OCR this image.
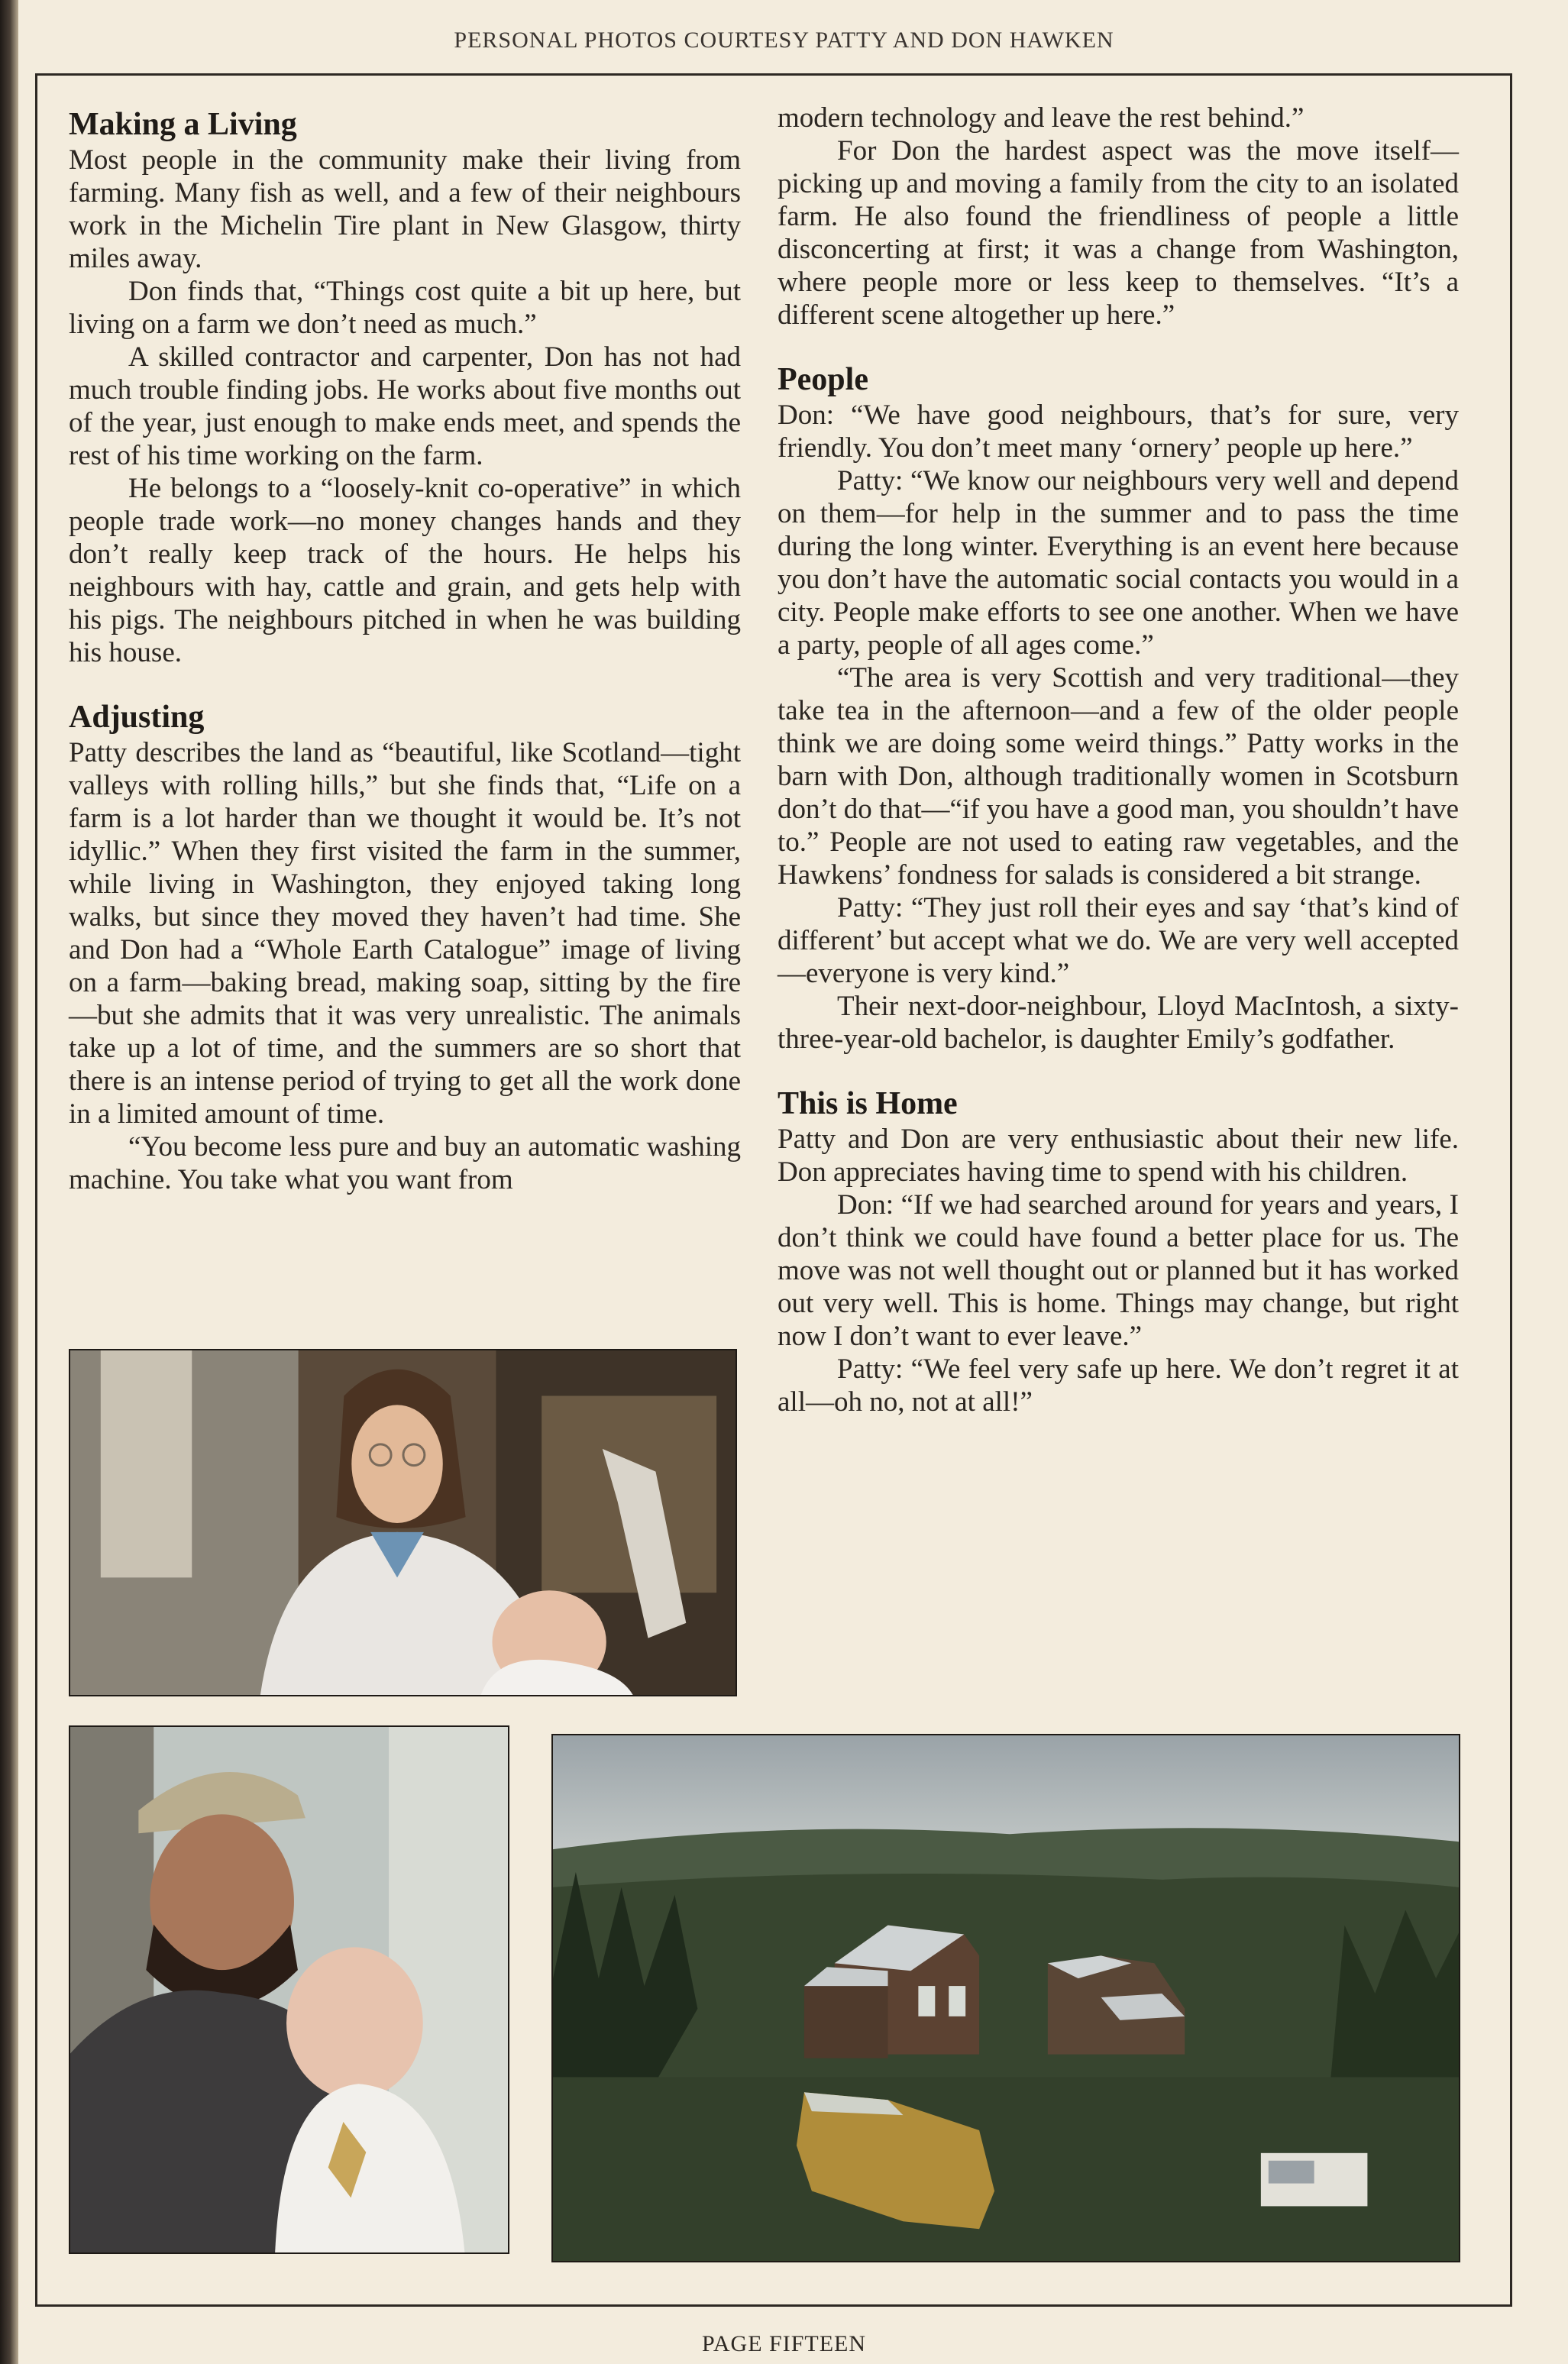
PERSONAL PHOTOS COURTESY PATTY AND DON HAWKEN
Making a Living

Most people in the community make their living from farming. Many fish as well, and a few of their neighbours work in the Michelin Tire plant in New Glasgow, thirty miles away.

Don finds that, “Things cost quite a bit up here, but living on a farm we don’t need as much.”

A skilled contractor and carpenter, Don has not had much trouble finding jobs. He works about five months out of the year, just enough to make ends meet, and spends the rest of his time working on the farm.

He belongs to a “loosely-knit co-operative” in which people trade work—no money changes hands and they don’t really keep track of the hours. He helps his neighbours with hay, cattle and grain, and gets help with his pigs. The neighbours pitched in when he was building his house.

Adjusting

Patty describes the land as “beautiful, like Scotland—tight valleys with rolling hills,” but she finds that, “Life on a farm is a lot harder than we thought it would be. It’s not idyllic.” When they first visited the farm in the summer, while living in Washington, they enjoyed taking long walks, but since they moved they haven’t had time. She and Don had a “Whole Earth Catalogue” image of living on a farm—baking bread, making soap, sitting by the fire—but she admits that it was very unrealistic. The animals take up a lot of time, and the summers are so short that there is an intense period of trying to get all the work done in a limited amount of time.

“You become less pure and buy an automatic washing machine. You take what you want from

modern technology and leave the rest behind.”

For Don the hardest aspect was the move itself—picking up and moving a family from the city to an isolated farm. He also found the friendliness of people a little disconcerting at first; it was a change from Washington, where people more or less keep to themselves. “It’s a different scene altogether up here.”

People

Don: “We have good neighbours, that’s for sure, very friendly. You don’t meet many ‘ornery’ people up here.”

Patty: “We know our neighbours very well and depend on them—for help in the summer and to pass the time during the long winter. Everything is an event here because you don’t have the automatic social contacts you would in a city. People make efforts to see one another. When we have a party, people of all ages come.”

“The area is very Scottish and very traditional—they take tea in the afternoon—and a few of the older people think we are doing some weird things.” Patty works in the barn with Don, although traditionally women in Scotsburn don’t do that—“if you have a good man, you shouldn’t have to.” People are not used to eating raw vegetables, and the Hawkens’ fondness for salads is considered a bit strange.

Patty: “They just roll their eyes and say ‘that’s kind of different’ but accept what we do. We are very well accepted—everyone is very kind.”

Their next-door-neighbour, Lloyd MacIntosh, a sixty-three-year-old bachelor, is daughter Emily’s godfather.

This is Home

Patty and Don are very enthusiastic about their new life. Don appreciates having time to spend with his children.

Don: “If we had searched around for years and years, I don’t think we could have found a better place for us. The move was not well thought out or planned but it has worked out very well. This is home. Things may change, but right now I don’t want to ever leave.”

Patty: “We feel very safe up here. We don’t regret it at all—oh no, not at all!”

PAGE FIFTEEN
